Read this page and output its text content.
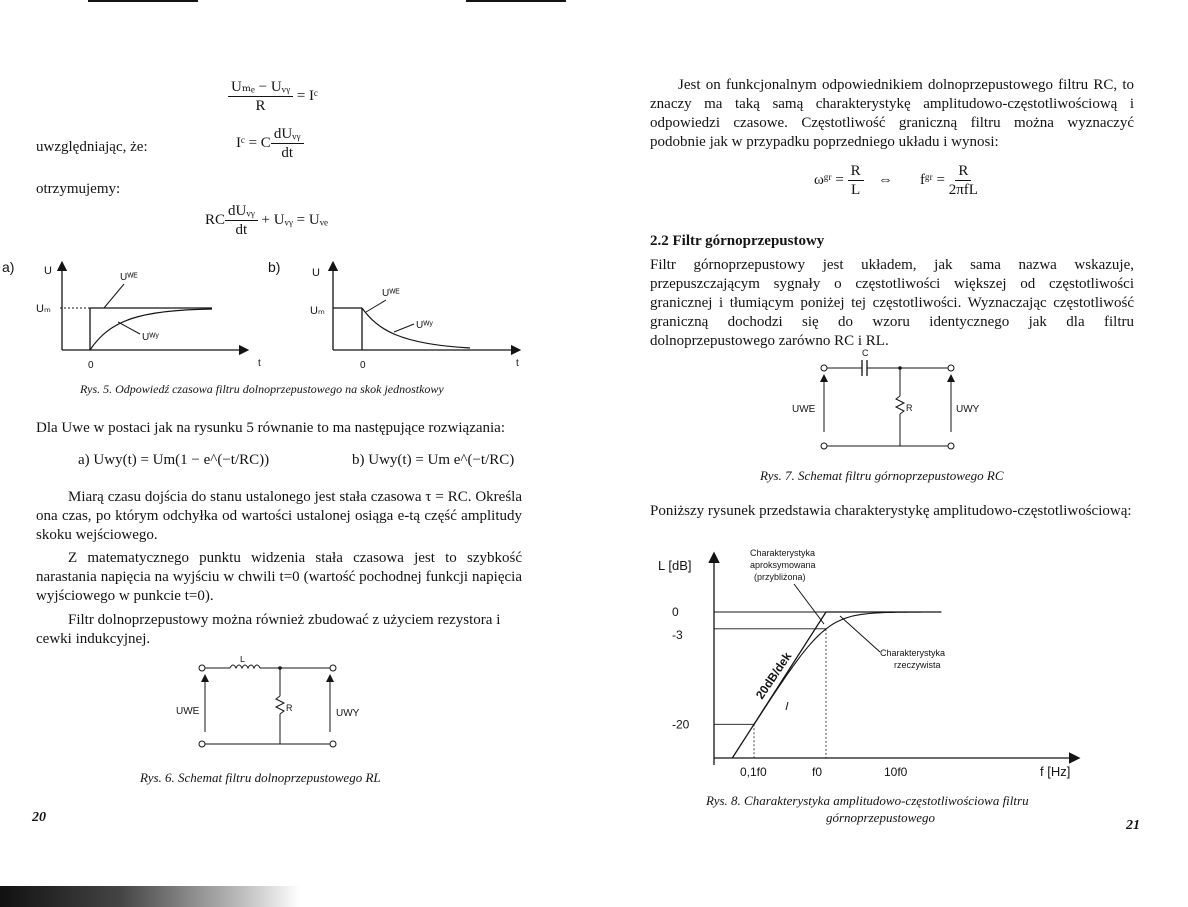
$\frac{\text{Uₘₑ − Uᵥᵧ}}{R}$ = Iᶜ
uwzględniając, że:	Iᶜ = C $\frac{\text{dUᵥᵧ}}{dt}$
otrzymujemy:
RC $\frac{\text{dUᵥᵧ}}{dt}$ + Uᵥᵧ = Uᵥₑ
a)	U
Uₘ
Uᵂᴱ
Uᵂʸ
0	t
b)	U
Uₘ
Uᵂᴱ
Uᵂʸ
0	t
Rys. 5. Odpowiedź czasowa filtru dolnoprzepustowego na skok jednostkowy
Dla Uwe w postaci jak na rysunku 5 równanie to ma następujące rozwiązania:
a) Uwy(t) = Um(1 − e^(−t/RC))	b) Uwy(t) = Um e^(−t/RC)
Miarą czasu dojścia do stanu ustalonego jest stała czasowa τ = RC. Określa ona czas, po którym odchyłka od wartości ustalonej osiąga e-tą część amplitudy skoku wejściowego.
Z matematycznego punktu widzenia stała czasowa jest to szybkość narastania napięcia na wyjściu w chwili t=0 (wartość pochodnej funkcji napięcia wyjściowego w punkcie t=0).
Filtr dolnoprzepustowy można również zbudować z użyciem rezystora i cewki indukcyjnej.
L
R
UWE	UWY
Rys. 6. Schemat filtru dolnoprzepustowego RL
20
Jest on funkcjonalnym odpowiednikiem dolnoprzepustowego filtru RC, to znaczy ma taką samą charakterystykę amplitudowo-częstotliwościową i odpowiedzi czasowe. Częstotliwość graniczną filtru można wyznaczyć podobnie jak w przypadku poprzedniego układu i wynosi:
ωᵍʳ = $\frac{R}{L}$ ⇔ fᵍʳ = $\frac{R}{\text{2πfL}}$
2.2 Filtr górnoprzepustowy
Filtr górnoprzepustowy jest układem, jak sama nazwa wskazuje, przepuszczającym sygnały o częstotliwości większej od częstotliwości granicznej i tłumiącym poniżej tej częstotliwości. Wyznaczając częstotliwość graniczną dochodzi się do wzoru identycznego jak dla filtru dolnoprzepustowego zarówno RC i RL.
C
R
UWE	UWY
Rys. 7. Schemat filtru górnoprzepustowego RC
Poniższy rysunek przedstawia charakterystykę amplitudowo-częstotliwościową:
L [dB]
f [Hz]
0
-3
-20
0,1f0	f0	10f0
20dB/dek
Charakterystyka
aproksymowana
(przybliżona)
Charakterystyka
rzeczywista
Rys. 8. Charakterystyka amplitudowo-częstotliwościowa filtru
górnoprzepustowego
21
